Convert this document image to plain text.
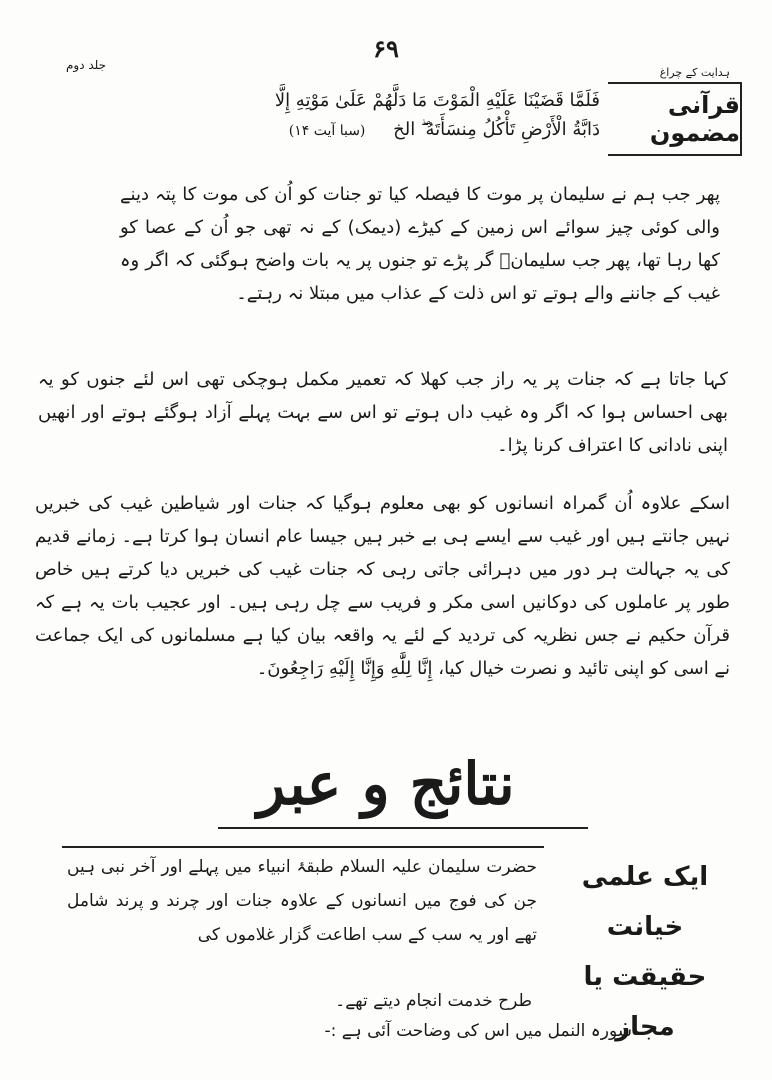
۶۹
جلد دوم
ہدایت کے چراغ
قرآنی مضمون
فَلَمَّا قَضَيْنَا عَلَيْهِ الْمَوْتَ مَا دَلَّهُمْ عَلَىٰ مَوْتِهِ إِلَّا
دَابَّةُ الْأَرْضِ تَأْكُلُ مِنسَأَتَهُ ۖ الخ (سبا آیت ۱۴)
پھر جب ہم نے سلیمان پر موت کا فیصلہ کیا تو جنات کو اُن کی موت کا پتہ دینے والی کوئی چیز سوائے اس زمین کے کیڑے (دیمک) کے نہ تھی جو اُن کے عصا کو کھا رہا تھا، پھر جب سلیمانؑ گر پڑے تو جنوں پر یہ بات واضح ہوگئی کہ اگر وہ غیب کے جاننے والے ہوتے تو اس ذلت کے عذاب میں مبتلا نہ رہتے۔
کہا جاتا ہے کہ جنات پر یہ راز جب کھلا کہ تعمیر مکمل ہوچکی تھی اس لئے جنوں کو یہ بھی احساس ہوا کہ اگر وہ غیب داں ہوتے تو اس سے بہت پہلے آزاد ہوگئے ہوتے اور انھیں اپنی نادانی کا اعتراف کرنا پڑا۔
اسکے علاوہ اُن گمراہ انسانوں کو بھی معلوم ہوگیا کہ جنات اور شیاطین غیب کی خبریں نہیں جانتے ہیں اور غیب سے ایسے ہی بے خبر ہیں جیسا عام انسان ہوا کرتا ہے۔ زمانے قدیم کی یہ جہالت ہر دور میں دہرائی جاتی رہی کہ جنات غیب کی خبریں دیا کرتے ہیں خاص طور پر عاملوں کی دوکانیں اسی مکر و فریب سے چل رہی ہیں۔ اور عجیب بات یہ ہے کہ قرآن حکیم نے جس نظریہ کی تردید کے لئے یہ واقعہ بیان کیا ہے مسلمانوں کی ایک جماعت نے اسی کو اپنی تائید و نصرت خیال کیا، إِنَّا لِلَّٰهِ وَإِنَّا إِلَيْهِ رَاجِعُونَ۔
نتائج و عبر
ایک علمی خیانت
حقیقت یا مجاز
حضرت سلیمان علیہ السلام طبقۂ انبیاء میں پہلے اور آخر نبی ہیں جن کی فوج میں انسانوں کے علاوہ جنات اور چرند و پرند شامل تھے اور یہ سب کے سب اطاعت گزار غلاموں کی
طرح خدمت انجام دیتے تھے۔
سورہ النمل میں اس کی وضاحت آئی ہے :-
